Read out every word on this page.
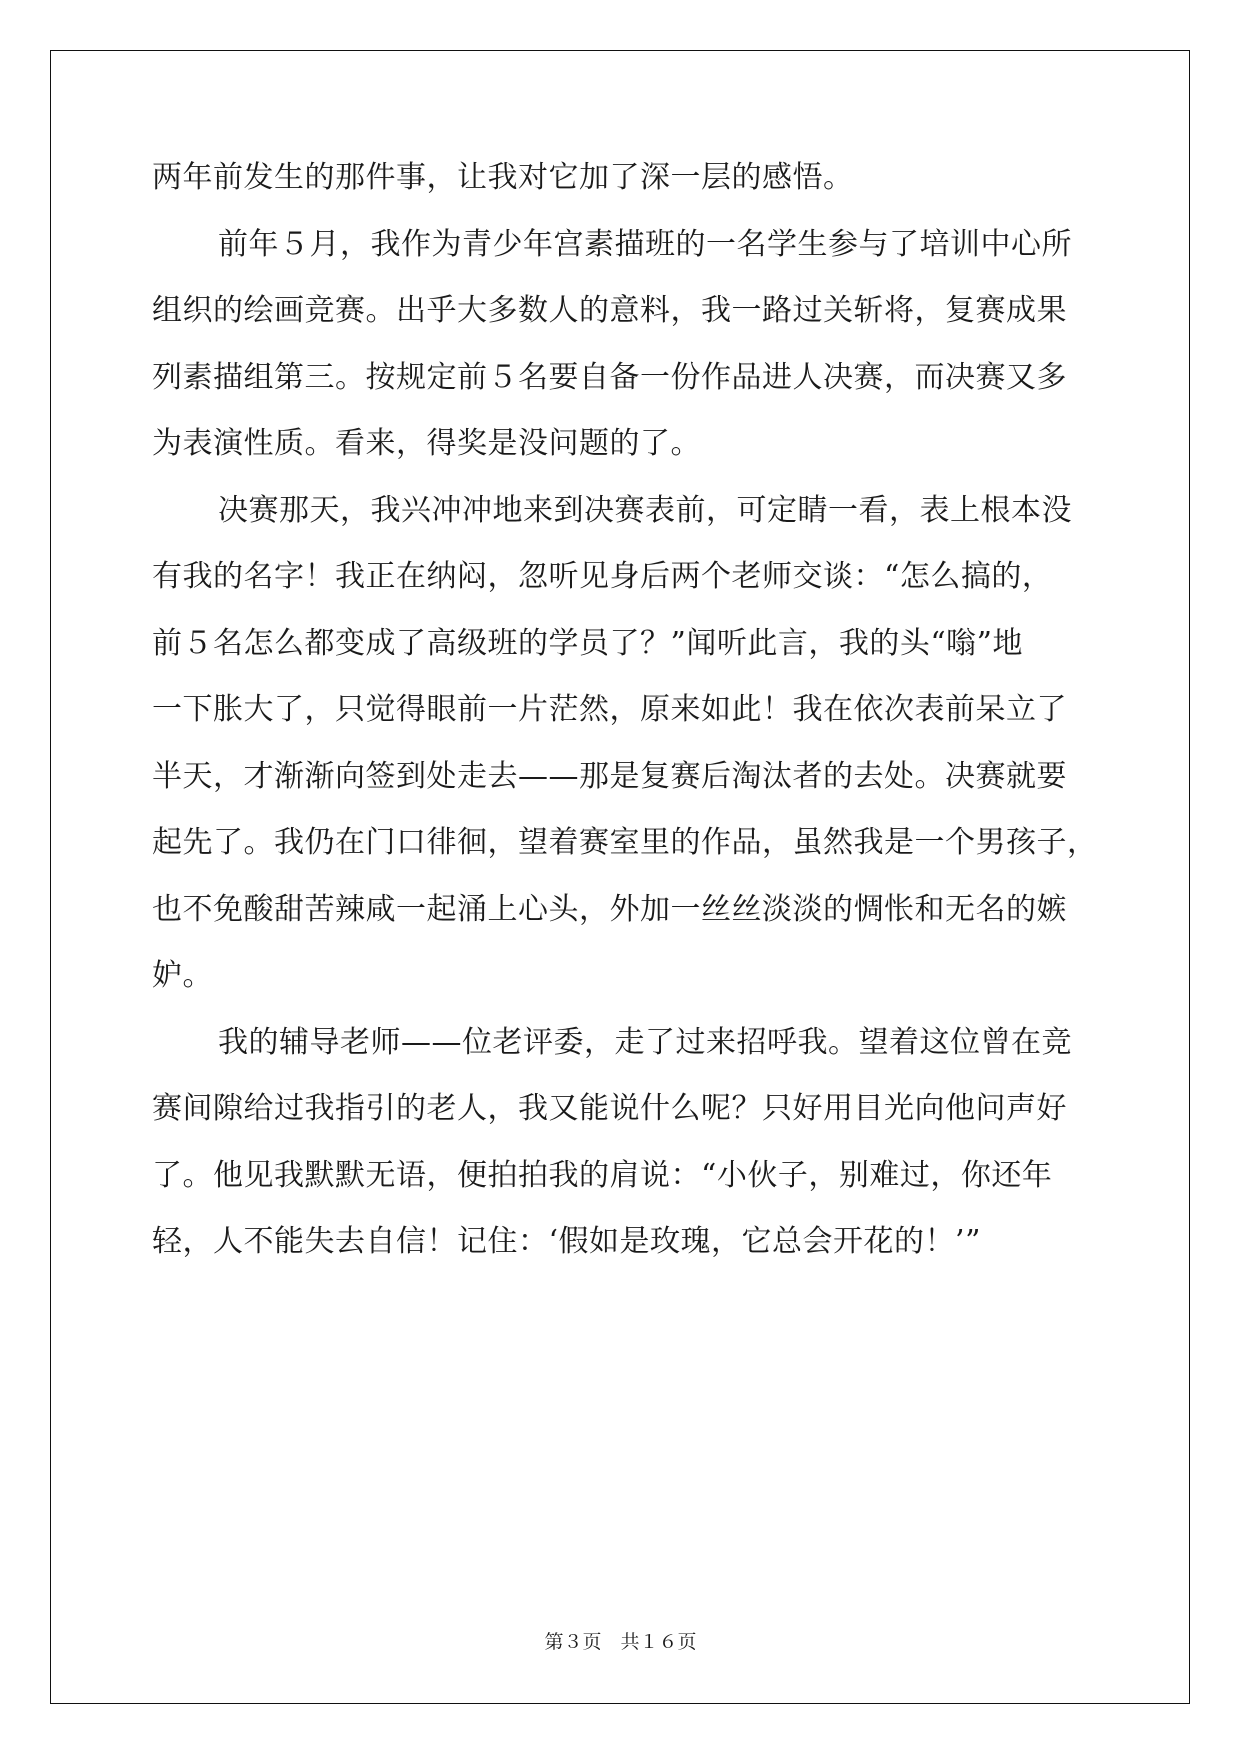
两年前发生的那件事，让我对它加了深一层的感悟。
前年５月，我作为青少年宫素描班的一名学生参与了培训中心所
组织的绘画竞赛。出乎大多数人的意料，我一路过关斩将，复赛成果
列素描组第三。按规定前５名要自备一份作品进人决赛，而决赛又多
为表演性质。看来，得奖是没问题的了。
决赛那天，我兴冲冲地来到决赛表前，可定睛一看，表上根本没
有我的名字！我正在纳闷，忽听见身后两个老师交谈：“怎么搞的，
前５名怎么都变成了高级班的学员了？”闻听此言，我的头“嗡”地
一下胀大了，只觉得眼前一片茫然，原来如此！我在依次表前呆立了
半天，才渐渐向签到处走去——那是复赛后淘汰者的去处。决赛就要
起先了。我仍在门口徘徊，望着赛室里的作品，虽然我是一个男孩子，
也不免酸甜苦辣咸一起涌上心头，外加一丝丝淡淡的惆怅和无名的嫉
妒。
我的辅导老师——位老评委，走了过来招呼我。望着这位曾在竞
赛间隙给过我指引的老人，我又能说什么呢？只好用目光向他问声好
了。他见我默默无语，便拍拍我的肩说：“小伙子，别难过，你还年
轻，人不能失去自信！记住：‘假如是玫瑰，它总会开花的！’”
第３页　共１６页
